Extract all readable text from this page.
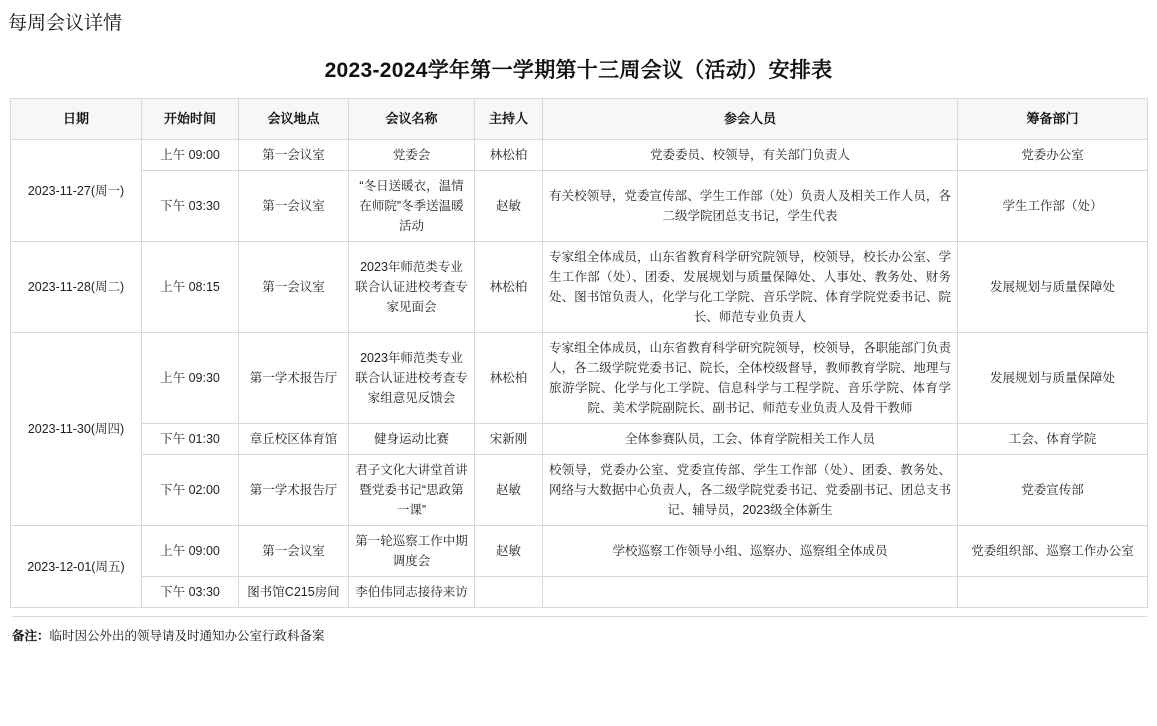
每周会议详情
2023-2024学年第一学期第十三周会议（活动）安排表
日期	开始时间	会议地点	会议名称	主持人	参会人员	筹备部门
2023-11-27(周一)	上午 09:00	第一会议室	党委会	林松柏	党委委员、校领导，有关部门负责人	党委办公室
	下午 03:30	第一会议室	“冬日送暖衣，温情在师院”冬季送温暖活动	赵敏	有关校领导，党委宣传部、学生工作部（处）负责人及相关工作人员，各二级学院团总支书记，学生代表	学生工作部（处）
2023-11-28(周二)	上午 08:15	第一会议室	2023年师范类专业联合认证进校考查专家见面会	林松柏	专家组全体成员，山东省教育科学研究院领导，校领导，校长办公室、学生工作部（处）、团委、发展规划与质量保障处、人事处、教务处、财务处、图书馆负责人，化学与化工学院、音乐学院、体育学院党委书记、院长、师范专业负责人	发展规划与质量保障处
2023-11-30(周四)	上午 09:30	第一学术报告厅	2023年师范类专业联合认证进校考查专家组意见反馈会	林松柏	专家组全体成员，山东省教育科学研究院领导，校领导，各职能部门负责人，各二级学院党委书记、院长，全体校级督导，教师教育学院、地理与旅游学院、化学与化工学院、信息科学与工程学院、音乐学院、体育学院、美术学院副院长、副书记、师范专业负责人及骨干教师	发展规划与质量保障处
	下午 01:30	章丘校区体育馆	健身运动比赛	宋新刚	全体参赛队员，工会、体育学院相关工作人员	工会、体育学院
	下午 02:00	第一学术报告厅	君子文化大讲堂首讲暨党委书记“思政第一课”	赵敏	校领导，党委办公室、党委宣传部、学生工作部（处）、团委、教务处、网络与大数据中心负责人，各二级学院党委书记、党委副书记、团总支书记、辅导员，2023级全体新生	党委宣传部
2023-12-01(周五)	上午 09:00	第一会议室	第一轮巡察工作中期调度会	赵敏	学校巡察工作领导小组、巡察办、巡察组全体成员	党委组织部、巡察工作办公室
	下午 03:30	图书馆C215房间	李伯伟同志接待来访			
备注：临时因公外出的领导请及时通知办公室行政科备案
